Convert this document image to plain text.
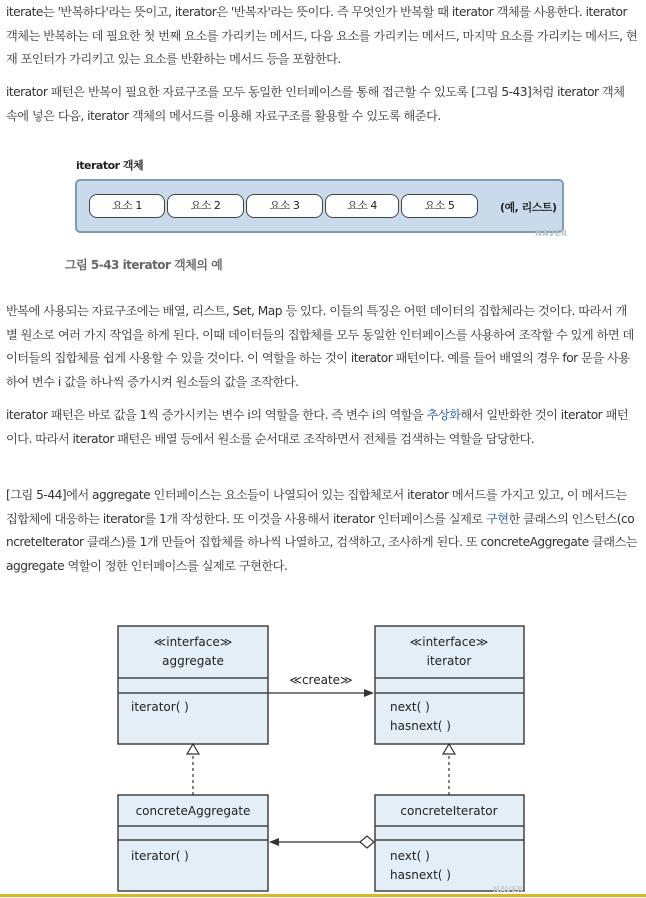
iterate는 '반복하다'라는 뜻이고, iterator은 '반복자'라는 뜻이다. 즉 무엇인가 반복할 때 iterator 객체를 사용한다. iterator 객체는 반복하는 데 필요한 첫 번째 요소를 가리키는 메서드, 다음 요소를 가리키는 메서드, 마지막 요소를 가리키는 메서드, 현재 포인터가 가리키고 있는 요소를 반환하는 메서드 등을 포함한다.

iterator 패턴은 반복이 필요한 자료구조를 모두 동일한 인터페이스를 통해 접근할 수 있도록 [그림 5-43]처럼 iterator 객체 속에 넣은 다음, iterator 객체의 메서드를 이용해 자료구조를 활용할 수 있도록 해준다.

iterator 객체
요소 1	요소 2	요소 3	요소 4	요소 5	(예, 리스트)
NAVER
그림 5-43 iterator 객체의 예

반복에 사용되는 자료구조에는 배열, 리스트, Set, Map 등 있다. 이들의 특징은 어떤 데이터의 집합체라는 것이다. 따라서 개별 원소로 여러 가지 작업을 하게 된다. 이때 데이터들의 집합체를 모두 동일한 인터페이스를 사용하여 조작할 수 있게 하면 데이터들의 집합체를 쉽게 사용할 수 있을 것이다. 이 역할을 하는 것이 iterator 패턴이다. 예를 들어 배열의 경우 for 문을 사용하여 변수 i 값을 하나씩 증가시켜 원소들의 값을 조작한다.

iterator 패턴은 바로 값을 1씩 증가시키는 변수 i의 역할을 한다. 즉 변수 i의 역할을 추상화해서 일반화한 것이 iterator 패턴이다. 따라서 iterator 패턴은 배열 등에서 원소를 순서대로 조작하면서 전체를 검색하는 역할을 담당한다.

[그림 5-44]에서 aggregate 인터페이스는 요소들이 나열되어 있는 집합체로서 iterator 메서드를 가지고 있고, 이 메서드는 집합체에 대응하는 iterator를 1개 작성한다. 또 이것을 사용해서 iterator 인터페이스를 실제로 구현한 클래스의 인스턴스(concreteIterator 클래스)를 1개 만들어 집합체를 하나씩 나열하고, 검색하고, 조사하게 된다. 또 concreteAggregate 클래스는 aggregate 역할이 정한 인터페이스를 실제로 구현한다.

≪interface≫
aggregate
iterator( )
≪interface≫
iterator
next( )
hasnext( )
≪create≫
concreteAggregate
iterator( )
concreteIterator
next( )
hasnext( )
NAVER
